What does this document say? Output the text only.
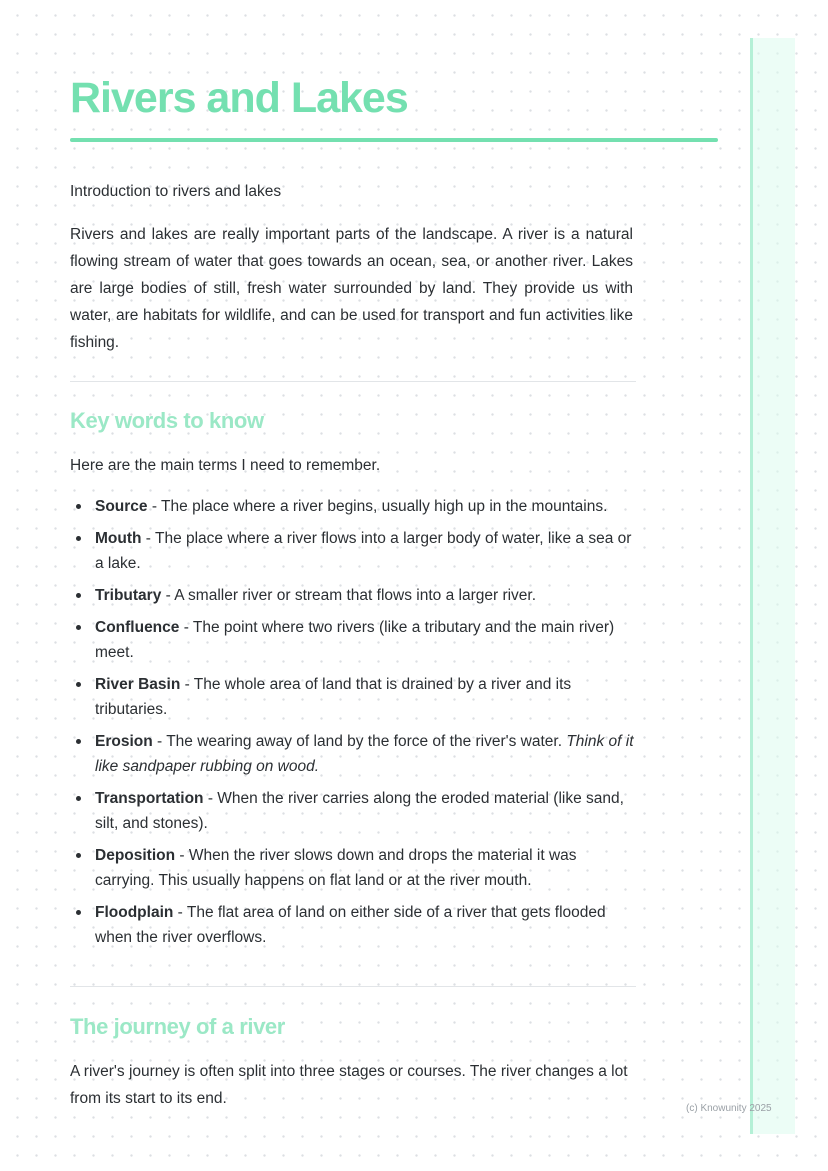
Rivers and Lakes

Introduction to rivers and lakes

Rivers and lakes are really important parts of the landscape. A river is a natural flowing stream of water that goes towards an ocean, sea, or another river. Lakes are large bodies of still, fresh water surrounded by land. They provide us with water, are habitats for wildlife, and can be used for transport and fun activities like fishing.

Key words to know

Here are the main terms I need to remember.

Source - The place where a river begins, usually high up in the mountains.
Mouth - The place where a river flows into a larger body of water, like a sea or a lake.
Tributary - A smaller river or stream that flows into a larger river.
Confluence - The point where two rivers (like a tributary and the main river) meet.
River Basin - The whole area of land that is drained by a river and its tributaries.
Erosion - The wearing away of land by the force of the river's water. Think of it like sandpaper rubbing on wood.
Transportation - When the river carries along the eroded material (like sand, silt, and stones).
Deposition - When the river slows down and drops the material it was carrying. This usually happens on flat land or at the river mouth.
Floodplain - The flat area of land on either side of a river that gets flooded when the river overflows.
The journey of a river

A river's journey is often split into three stages or courses. The river changes a lot from its start to its end.

(c) Knowunity 2025
